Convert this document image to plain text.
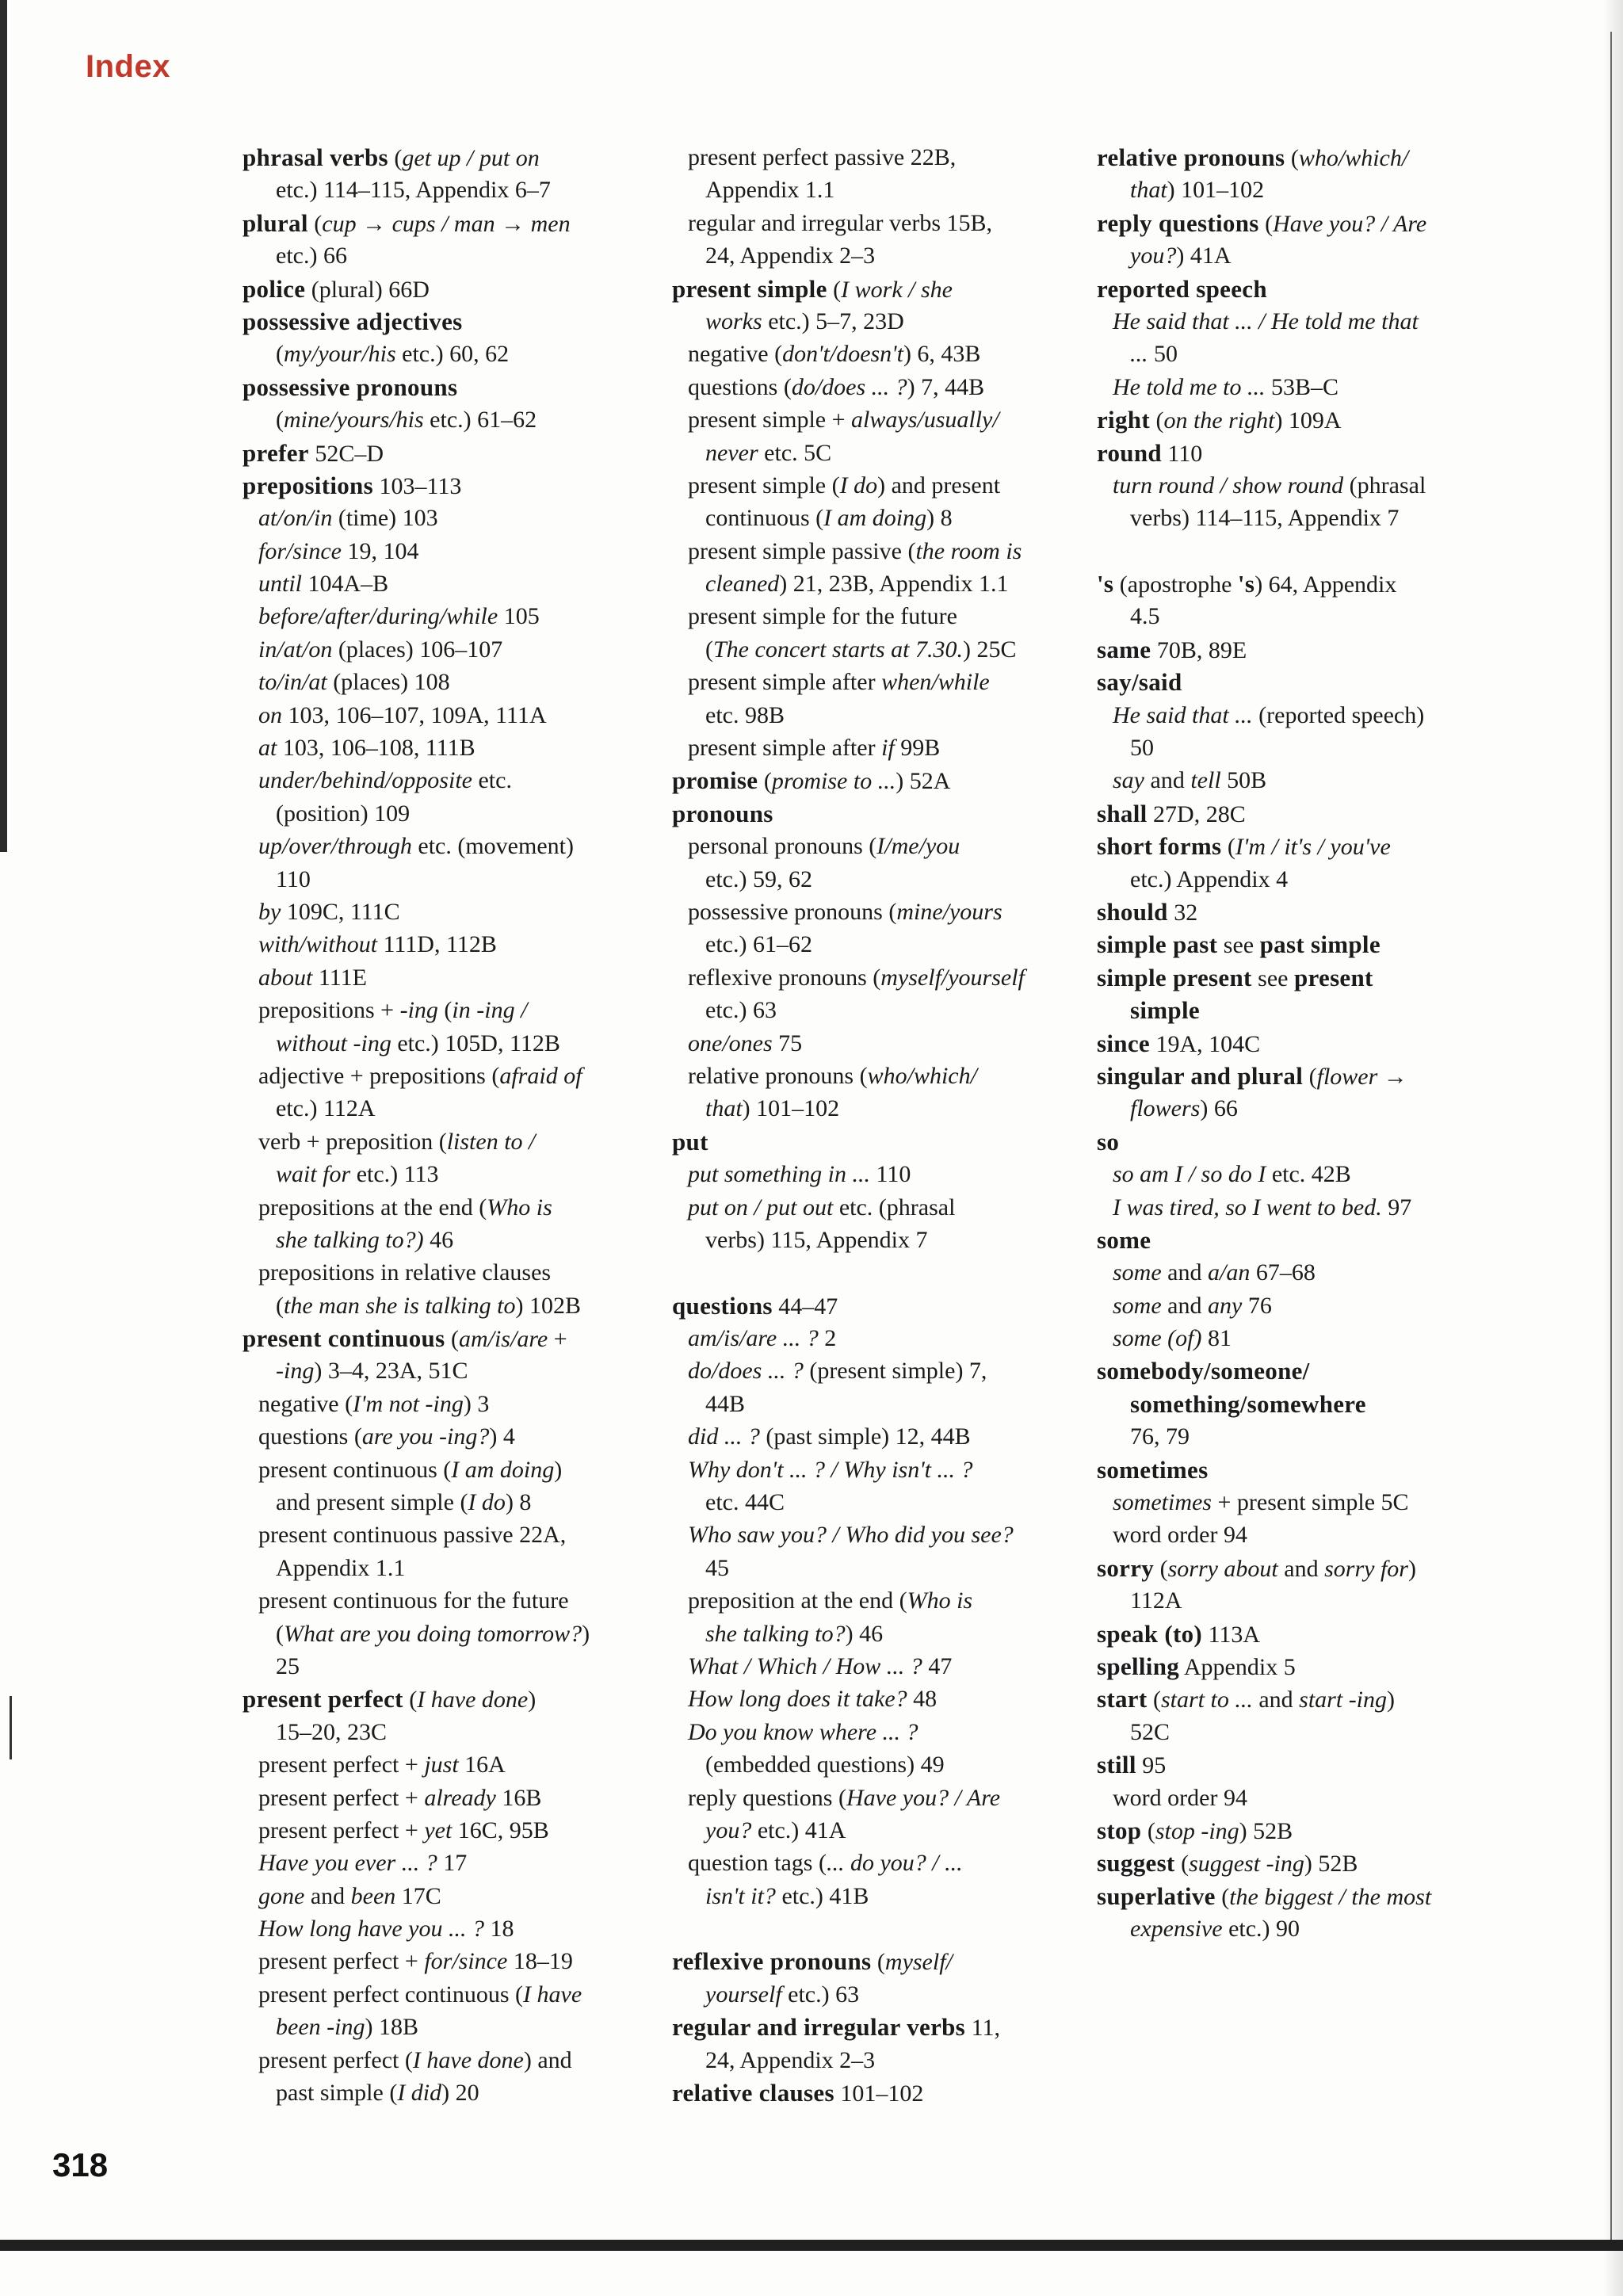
Index
phrasal verbs (get up / put on
etc.) 114–115, Appendix 6–7
plural (cup → cups / man → men
etc.) 66
police (plural) 66D
possessive adjectives
(my/your/his etc.) 60, 62
possessive pronouns
(mine/yours/his etc.) 61–62
prefer 52C–D
prepositions 103–113
at/on/in (time) 103
for/since 19, 104
until 104A–B
before/after/during/while 105
in/at/on (places) 106–107
to/in/at (places) 108
on 103, 106–107, 109A, 111A
at 103, 106–108, 111B
under/behind/opposite etc.
(position) 109
up/over/through etc. (movement)
110
by 109C, 111C
with/without 111D, 112B
about 111E
prepositions + -ing (in -ing /
without -ing etc.) 105D, 112B
adjective + prepositions (afraid of
etc.) 112A
verb + preposition (listen to /
wait for etc.) 113
prepositions at the end (Who is
she talking to?) 46
prepositions in relative clauses
(the man she is talking to) 102B
present continuous (am/is/are +
-ing) 3–4, 23A, 51C
negative (I'm not -ing) 3
questions (are you -ing?) 4
present continuous (I am doing)
and present simple (I do) 8
present continuous passive 22A,
Appendix 1.1
present continuous for the future
(What are you doing tomorrow?)
25
present perfect (I have done)
15–20, 23C
present perfect + just 16A
present perfect + already 16B
present perfect + yet 16C, 95B
Have you ever ... ? 17
gone and been 17C
How long have you ... ? 18
present perfect + for/since 18–19
present perfect continuous (I have
been -ing) 18B
present perfect (I have done) and
past simple (I did) 20
present perfect passive 22B,
Appendix 1.1
regular and irregular verbs 15B,
24, Appendix 2–3
present simple (I work / she
works etc.) 5–7, 23D
negative (don't/doesn't) 6, 43B
questions (do/does ... ?) 7, 44B
present simple + always/usually/
never etc. 5C
present simple (I do) and present
continuous (I am doing) 8
present simple passive (the room is
cleaned) 21, 23B, Appendix 1.1
present simple for the future
(The concert starts at 7.30.) 25C
present simple after when/while
etc. 98B
present simple after if 99B
promise (promise to ...) 52A
pronouns
personal pronouns (I/me/you
etc.) 59, 62
possessive pronouns (mine/yours
etc.) 61–62
reflexive pronouns (myself/yourself
etc.) 63
one/ones 75
relative pronouns (who/which/
that) 101–102
put
put something in ... 110
put on / put out etc. (phrasal
verbs) 115, Appendix 7
questions 44–47
am/is/are ... ? 2
do/does ... ? (present simple) 7,
44B
did ... ? (past simple) 12, 44B
Why don't ... ? / Why isn't ... ?
etc. 44C
Who saw you? / Who did you see?
45
preposition at the end (Who is
she talking to?) 46
What / Which / How ... ? 47
How long does it take? 48
Do you know where ... ?
(embedded questions) 49
reply questions (Have you? / Are
you? etc.) 41A
question tags (... do you? / ...
isn't it? etc.) 41B
reflexive pronouns (myself/
yourself etc.) 63
regular and irregular verbs 11,
24, Appendix 2–3
relative clauses 101–102
relative pronouns (who/which/
that) 101–102
reply questions (Have you? / Are
you?) 41A
reported speech
He said that ... / He told me that
... 50
He told me to ... 53B–C
right (on the right) 109A
round 110
turn round / show round (phrasal
verbs) 114–115, Appendix 7
's (apostrophe 's) 64, Appendix
4.5
same 70B, 89E
say/said
He said that ... (reported speech)
50
say and tell 50B
shall 27D, 28C
short forms (I'm / it's / you've
etc.) Appendix 4
should 32
simple past see past simple
simple present see present
simple
since 19A, 104C
singular and plural (flower →
flowers) 66
so
so am I / so do I etc. 42B
I was tired, so I went to bed. 97
some
some and a/an 67–68
some and any 76
some (of) 81
somebody/someone/
something/somewhere
76, 79
sometimes
sometimes + present simple 5C
word order 94
sorry (sorry about and sorry for)
112A
speak (to) 113A
spelling Appendix 5
start (start to ... and start -ing)
52C
still 95
word order 94
stop (stop -ing) 52B
suggest (suggest -ing) 52B
superlative (the biggest / the most
expensive etc.) 90
318
